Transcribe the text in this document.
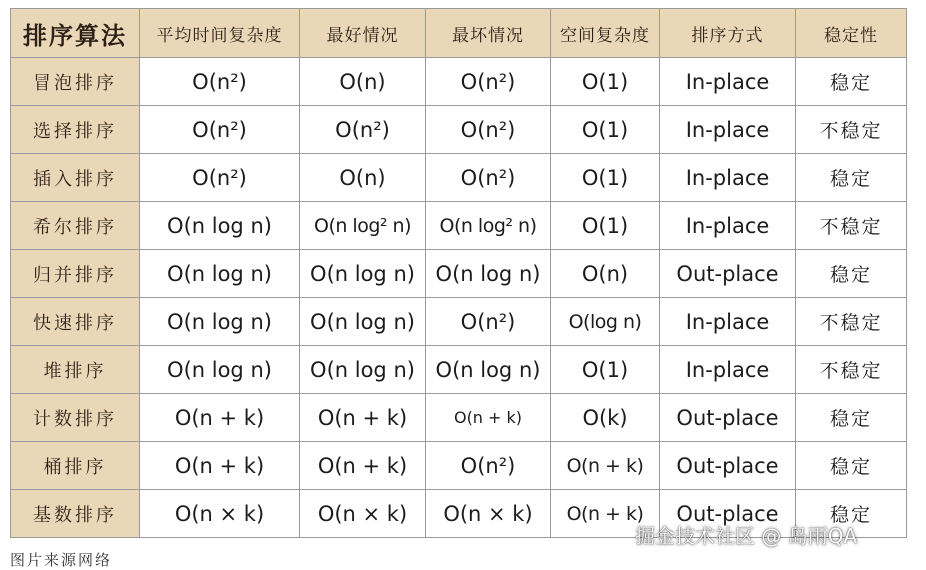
排序算法	平均时间复杂度	最好情况	最坏情况	空间复杂度	排序方式	稳定性
冒泡排序	O(n²)	O(n)	O(n²)	O(1)	In-place	稳定
选择排序	O(n²)	O(n²)	O(n²)	O(1)	In-place	不稳定
插入排序	O(n²)	O(n)	O(n²)	O(1)	In-place	稳定
希尔排序	O(n log n)	O(n log² n)	O(n log² n)	O(1)	In-place	不稳定
归并排序	O(n log n)	O(n log n)	O(n log n)	O(n)	Out-place	稳定
快速排序	O(n log n)	O(n log n)	O(n²)	O(log n)	In-place	不稳定
堆排序	O(n log n)	O(n log n)	O(n log n)	O(1)	In-place	不稳定
计数排序	O(n + k)	O(n + k)	O(n + k)	O(k)	Out-place	稳定
桶排序	O(n + k)	O(n + k)	O(n²)	O(n + k)	Out-place	稳定
基数排序	O(n × k)	O(n × k)	O(n × k)	O(n + k)	Out-place	稳定
掘金技术社区 @ 岛雨QA
图片来源网络
